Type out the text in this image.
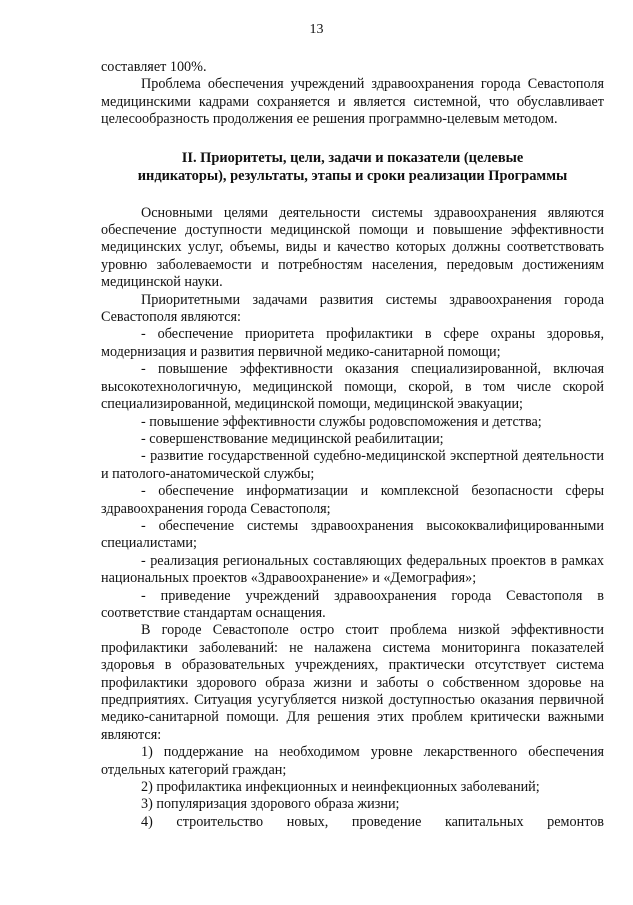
13

составляет 100%.

Проблема обеспечения учреждений здравоохранения города Севастополя медицинскими кадрами сохраняется и является системной, что обуславливает целесообразность продолжения ее решения программно-целевым методом.

II. Приоритеты, цели, задачи и показатели (целевые
индикаторы), результаты, этапы и сроки реализации Программы

Основными целями деятельности системы здравоохранения являются обеспечение доступности медицинской помощи и повышение эффективности медицинских услуг, объемы, виды и качество которых должны соответствовать уровню заболеваемости и потребностям населения, передовым достижениям медицинской науки.

Приоритетными задачами развития системы здравоохранения города Севастополя являются:

- обеспечение приоритета профилактики в сфере охраны здоровья, модернизация и развития первичной медико-санитарной помощи;

- повышение эффективности оказания специализированной, включая высокотехнологичную, медицинской помощи, скорой, в том числе скорой специализированной, медицинской помощи, медицинской эвакуации;

- повышение эффективности службы родовспоможения и детства;

- совершенствование медицинской реабилитации;

- развитие государственной судебно-медицинской экспертной деятельности и патолого-анатомической службы;

- обеспечение информатизации и комплексной безопасности сферы здравоохранения города Севастополя;

- обеспечение системы здравоохранения высококвалифицированными специалистами;

- реализация региональных составляющих федеральных проектов в рамках национальных проектов «Здравоохранение» и «Демография»;

- приведение учреждений здравоохранения города Севастополя в соответствие стандартам оснащения.

В городе Севастополе остро стоит проблема низкой эффективности профилактики заболеваний: не налажена система мониторинга показателей здоровья в образовательных учреждениях, практически отсутствует система профилактики здорового образа жизни и заботы о собственном здоровье на предприятиях. Ситуация усугубляется низкой доступностью оказания первичной медико-санитарной помощи. Для решения этих проблем критически важными являются:

1) поддержание на необходимом уровне лекарственного обеспечения отдельных категорий граждан;

2) профилактика инфекционных и неинфекционных заболеваний;

3) популяризация здорового образа жизни;

4) строительство новых, проведение капитальных ремонтов
